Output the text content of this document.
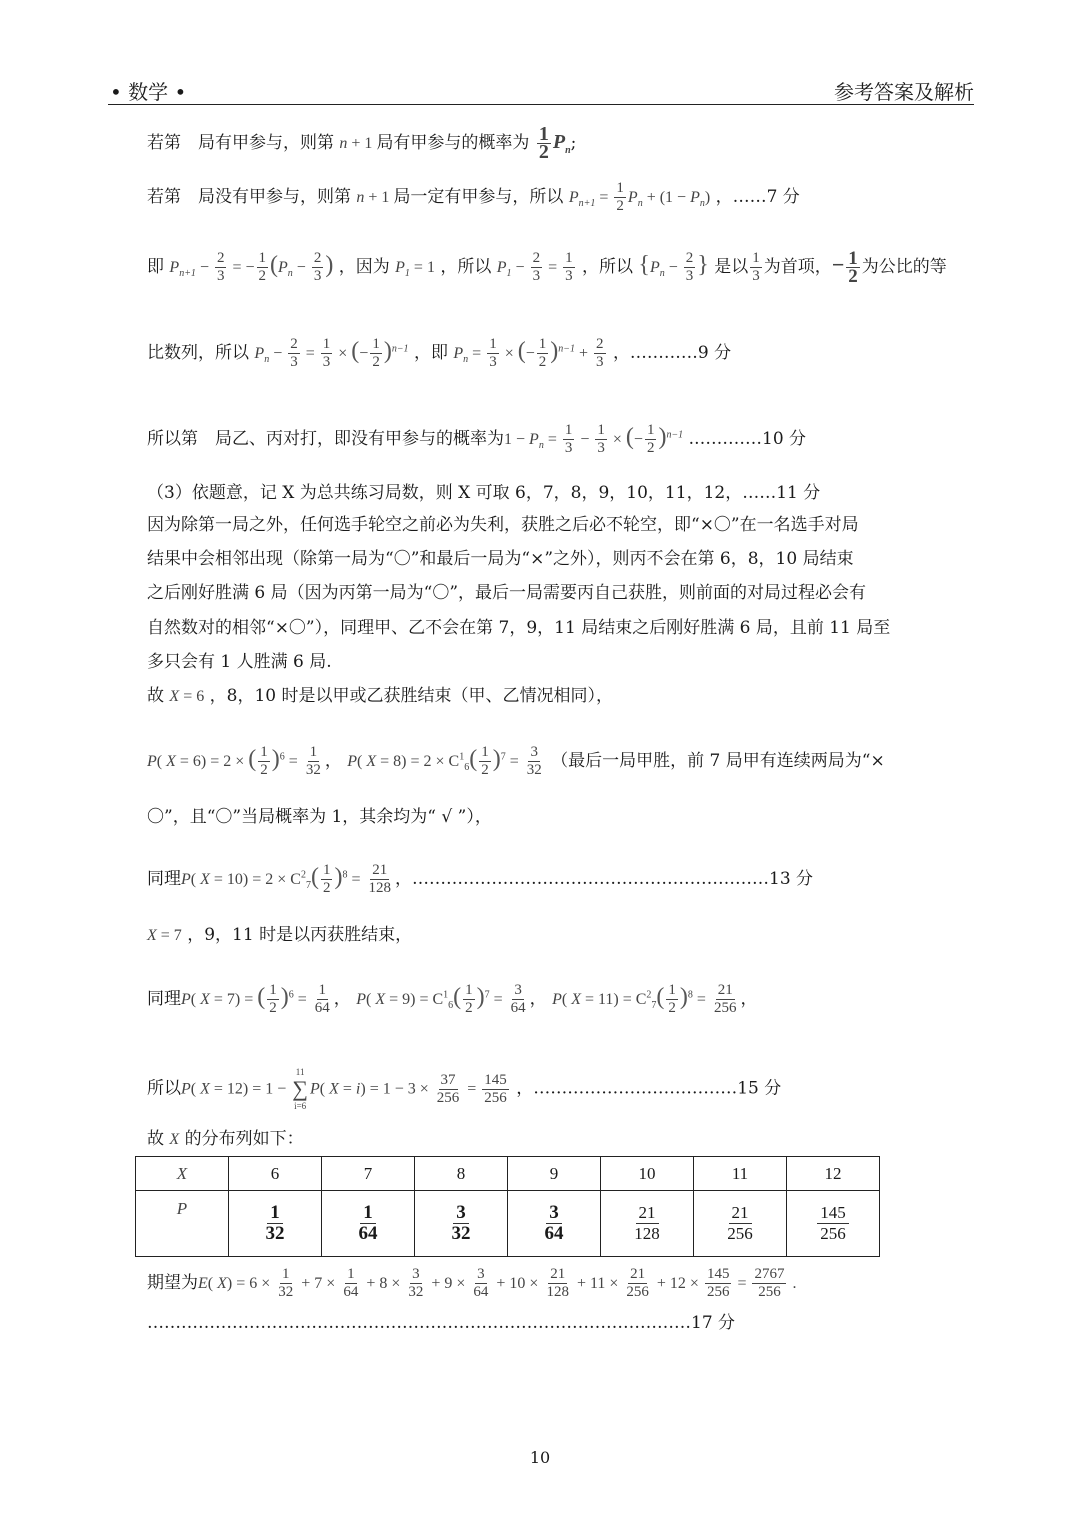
• 数学 •	参考答案及解析
若第　局有甲参与，则第 n + 1 局有甲参与的概率为 $\frac{1}{2} P_n$;
若第　局没有甲参与，则第 n + 1 局一定有甲参与，所以 $P_{n+1} = \frac{1}{2} P_n + (1 - P_n)$ ，……7 分
即 $P_{n+1} - \frac{2}{3}$ = − $\frac{1}{2} (P_n - \frac{2}{3}$ ) ，因为 $P_1 = 1$ ，所以 $P_1 - \frac{2}{3} = \frac{1}{3}$ ，所以 {$P_n - \frac{2}{3}$ } 是以 $\frac{1}{3}$ 为首项，− $\frac{1}{2}$ 为公比的等
比数列，所以 $P_n - \frac{2}{3} = \frac{1}{3}$ × (− $\frac{1}{2} )^{n-1}$ ，即 $P_n = \frac{1}{3}$ × (− $\frac{1}{2} )^{n-1} + \frac{2}{3}$ ，…………9 分
所以第　局乙、丙对打，即没有甲参与的概率为$1 - P_n = \frac{1}{3} - \frac{1}{3}$ × (− $\frac{1}{2} )^{n-1}$ .…………10 分
（3）依题意，记 X 为总共练习局数，则 X 可取 6，7，8，9，10，11，12，……11 分
因为除第一局之外，任何选手轮空之前必为失利，获胜之后必不轮空，即“×〇”在一名选手对局
结果中会相邻出现（除第一局为“〇”和最后一局为“×”之外），则丙不会在第 6，8，10 局结束
之后刚好胜满 6 局（因为丙第一局为“〇”，最后一局需要丙自己获胜，则前面的对局过程必会有
自然数对的相邻“×〇”），同理甲、乙不会在第 7，9，11 局结束之后刚好胜满 6 局，且前 11 局至
多只会有 1 人胜满 6 局.
故 X = 6 ，8，10 时是以甲或乙获胜结束（甲、乙情况相同），
P( X = 6) = 2 × ( $\frac{1}{2} )^6 = \frac{1}{32}$ ， P( $X = 8) = 2 \times C^1_6( \frac{1}{2} )^7 = \frac{3}{32}$ （最后一局甲胜，前 7 局甲有连续两局为“×
〇”，且“〇”当局概率为 1，其余均为“ √ ”），
同理P( $X = 10) = 2 \times C^2_7( \frac{1}{2} )^8 = \frac{21}{128}$ ，………………………………………………………13 分
X = 7 ，9，11 时是以丙获胜结束，
同理P( X = 7) = ( $\frac{1}{2} )^6 = \frac{1}{64}$ ， P( $X = 9) = C^1_6( \frac{1}{2} )^7 = \frac{3}{64}$ ， P( $X = 11) = C^2_7( \frac{1}{2} )^8 = \frac{21}{256}$ ，
所以P( X = 12) = 1 −
11
∑
i=6
P( $X = i) = 1 - 3 \times \frac{37}{256} = \frac{145}{256}$ ，………………………………15 分
故 X 的分布列如下：
X	6	7	8	9	10	11	12
P	$\frac{1}{32}$	$\frac{1}{64}$	$\frac{3}{32}$	$\frac{3}{64}$	$\frac{21}{128}$	$\frac{21}{256}$	$\frac{145}{256}$
期望为E( $X) = 6 \times \frac{1}{32} + 7 \times \frac{1}{64} + 8 \times \frac{3}{32} + 9 \times \frac{3}{64} + 10 \times \frac{21}{128} + 11 \times \frac{21}{256} + 12 \times \frac{145}{256} = \frac{2767}{256}$ .
……………………………………………………………………………………17 分
10
